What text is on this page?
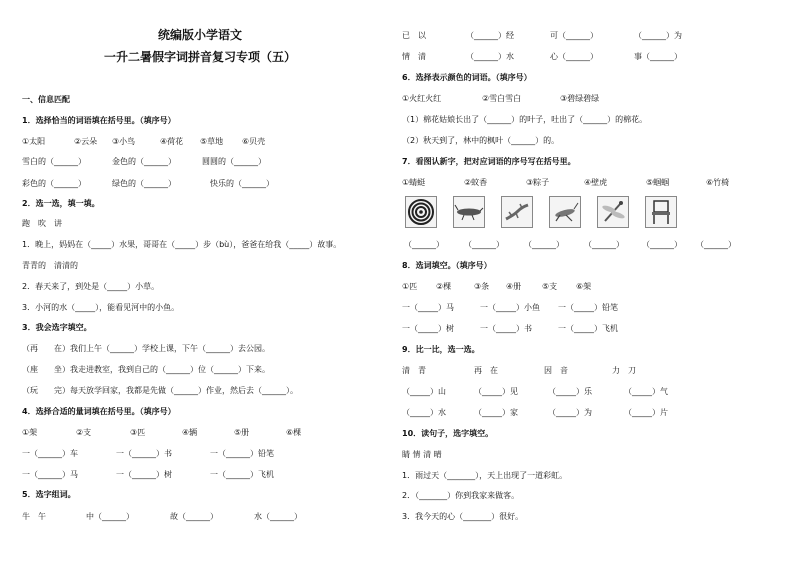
统编版小学语文
一升二暑假字词拼音复习专项（五）
一、信息匹配
1．选择恰当的词语填在括号里。（填序号）
①太阳	②云朵 ③小鸟	④荷花 ⑤草地 ⑥贝壳
雪白的（______）	金色的（______）	圆圆的（______）
彩色的（______）	绿色的（______）	快乐的（______）
2．选一选，填一填。
跑　吹　讲
1．晚上，妈妈在（_____）水果，哥哥在（_____）步（bù），爸爸在给我（_____）故事。
青青的　清清的
2．春天来了，到处是（_____）小草。
3．小河的水（_____），能看见河中的小鱼。
3．我会选字填空。
（再　　在）我们上午（______）学校上课，下午（______）去公园。
（座　　坐）我走进教室，我到自己的（______）位（______）下来。
（玩　　完）每天放学回家，我都是先做（______）作业，然后去（______）。
4．选择合适的量词填在括号里。（填序号）
①架	②支	③匹	④辆	⑤册	⑥棵
一（______）车	一（______）书	一（______）铅笔
一（______）马	一（______）树	一（______）飞机
5．选字组词。
牛　午	中（______）	故（______）	水（______）
已　以	（______）经	可（______）	（______）为
情　清	（______）水	心（______）	事（______）
6．选择表示颜色的词语。（填序号）
①火红火红	②雪白雪白	③碧绿碧绿
（1）棉花姑娘长出了（______）的叶子，吐出了（______）的棉花。
（2）秋天到了，林中的枫叶（______）的。
7．看图认新字，把对应词语的序号写在括号里。
①蜻蜓	②蚊香	③粽子	④壁虎	⑤蝈蝈	⑥竹椅
（______）	（______）	（______）	（______） （______） （______）
8．选词填空。（填序号）
①匹 ②棵	③条 ④册	⑤支 ⑥架
一（_____）马	一（_____）小鱼 一（_____）铅笔
一（_____）树	一（_____）书	一（_____）飞机
9．比一比，选一选。
清　青	再　在	因　音	力　刀
（_____）山	（_____）见	（_____）乐	（_____）气
（_____）水	（_____）家	（_____）为	（_____）片
10．读句子，选字填空。
睛 情 清 晴
1．雨过天（_______），天上出现了一道彩虹。
2．（_______）你到我家来做客。
3．我今天的心（_______）很好。
